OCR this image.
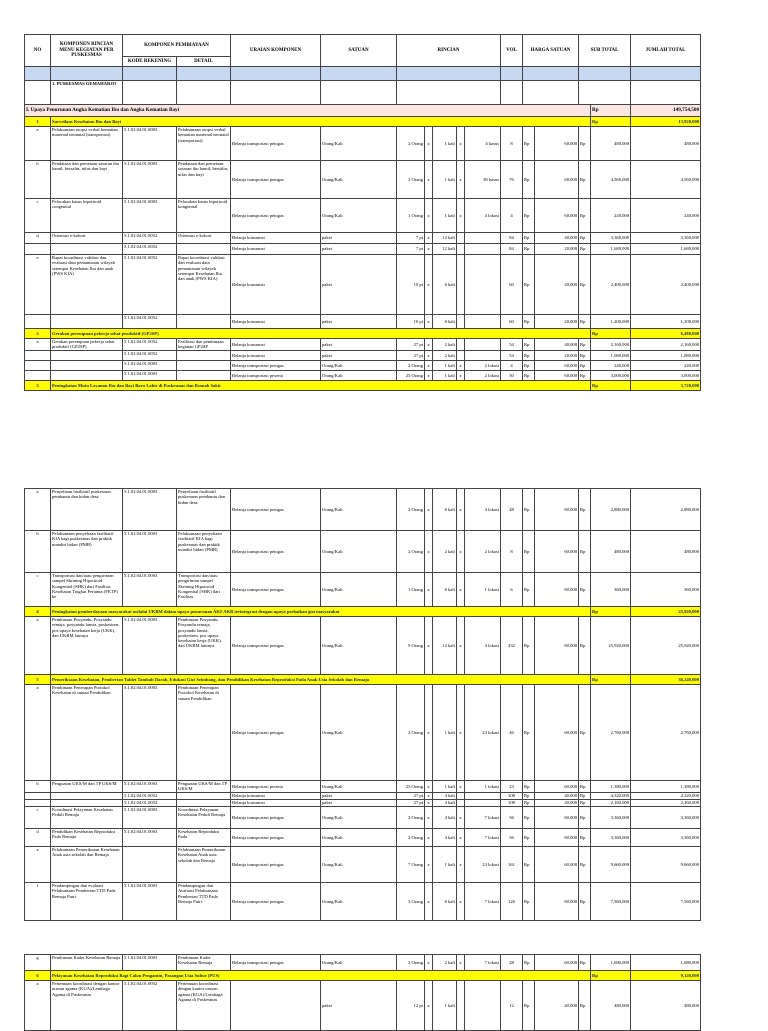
NO	KOMPONEN RINCIAN MENU KEGIATAN PER PUSKESMAS	KOMPONEN PEMBIAYAAN		URAIAN KOMPONEN	SATUAN	RINCIAN					VOL	HARGA SATUAN		SUB TOTAL		JUMLAH TOTAL
		KODE REKENING	DETAIL													

	1. PUSKESMAS GEMAHARJO															
I. Upaya Penurunan Angka Kematian Ibu dan Angka Kematian Bayi															Rp	149,754,500
1	Surveilans Kesehatan Ibu dan Bayi														Rp	13,920,000
a	Pelaksanaan otopsi verbal kematian maternal neonatal (transportasi)	5.1.02.04.01.0003	Pelaksanaan otopsi verbal kematian maternal neonatal (transportasi)	Belanja transportasi petugas	Orang/Kali	2 Orang	x	1 kali	x	4 kasus	8	Rp	60,000	Rp	480,000	480,000
b	Pendataan dan pemetaan sasaran ibu hamil, bersalin, nifas dan bayi	5.1.02.04.01.0003	Pendataan dan pemetaan sasaran ibu hamil, bersalin, nifas dan bayi	Belanja transportasi petugas	Orang/Kali	2 Orang	x	1 kali	x	38 kasus	76	Rp	60,000	Rp	4,560,000	4,560,000
c	Pelacakan kasus hipotiroid congenital	5.1.02.04.01.0003	Pelacakan kasus hipotiroid kongenital	Belanja transportasi petugas	Orang/Kali	1 Orang	x	1 kali	x	4 lokasi	4	Rp	60,000	Rp	240,000	240,000
d	Orientasi e-kohort	5.1.02.04.01.0052	Orientasi e-kohort	Belanja konsumsi	paket	7 pt	x	12 kali			84	Rp	40,000	Rp	3,360,000	3,360,000
		5.1.02.04.01.0052		Belanja konsumsi	paket	7 pt	x	12 kali			84	Rp	20,000	Rp	1,680,000	1,680,000
e	Rapat koordinasi validasi dan evaluasi data pemantauan wilayah setempat Kesehatan Ibu dan anak (PWS KIA)	5.1.02.04.01.0052	Rapat koordinasi validasi dan evaluasi data pemantauan wilayah setempat Kesehatan Ibu dan anak (PWS KIA)	Belanja konsumsi	paket	10 pt	x	6 kali			60	Rp	40,000	Rp	2,400,000	2,400,000
		5.1.02.04.01.0052		Belanja konsumsi	paket	10 pt	x	6 kali			60	Rp	20,000	Rp	1,200,000	1,200,000
2	Gerakan perempuan pekerja sehat produktif (GP2SP)														Rp	6,480,000
a	Gerakan perempuan pekerja sehat produktif (GP2SP)	5.1.02.04.01.0052	Fasilitasi dan pembinaan kegiatan GP2SP	Belanja konsumsi	paket	27 pt	x	2 kali			54	Rp	40,000	Rp	2,160,000	2,160,000
		5.1.02.04.01.0052		Belanja konsumsi	paket	27 pt	x	2 kali			54	Rp	20,000	Rp	1,080,000	1,080,000
		5.1.02.04.01.0003		Belanja transportasi petugas	Orang/Kali	2 Orang	x	1 kali	x	2 lokasi	4	Rp	60,000	Rp	240,000	240,000
		5.1.02.04.01.0003		Belanja transportasi peserta	Orang/Kali	25 Orang	x	1 kali	x	2 lokasi	50	Rp	60,000	Rp	3,000,000	3,000,000
3	Peningkatan Mutu Layanan Ibu dan Bayi Baru Lahir di Puskesmas dan Rumah Sakit														Rp	3,720,000
a	Penyeliaan fasilitatif puskesmas pembantu dan bidan desa	5.1.02.04.01.0003	Penyeliaan fasilitatif puskesmas pembantu dan bidan desa	Belanja transportasi petugas	Orang/Kali	2 Orang	x	6 kali	x	4 lokasi	48	Rp	60,000	Rp	2,880,000	2,880,000
b	Pelaksanaan penyeliaan fasilitatif KIA bagi puskesmas dan praktik mandiri bidan (PMB)	5.1.02.04.01.0003	Pelaksanaan penyeliaan fasilitatif KIA bagi puskesmas dan praktik mandiri bidan (PMB)	Belanja transportasi petugas	Orang/Kali	2 Orang	x	2 kali	x	2 lokasi	8	Rp	60,000	Rp	480,000	480,000
c	Transportasi dan/atau pengiriman sampel Skrining Hipotiroid Kongenital (SHK) dari Fasilitas Kesehatan Tingkat Pertama (FKTP) ke	5.1.02.04.01.0003	Transportasi dan/atau pengiriman sampel Skrining Hipotiroid Kongenital (SHK) dari Fasilitas	Belanja transportasi petugas	Orang/Kali	1 Orang	x	6 kali	x	1 lokasi	6	Rp	60,000	Rp	360,000	360,000
4	Peningkatan pemberdayaan masyarakat melalui UKBM dalam upaya penurunan AKI-AKB terintegrasi dengan upaya perbaikan gizi masyarakat														Rp	25,920,000
a	Pembinaan Posyandu, Posyandu remaja, posyandu lansia, poskestren, pos upaya kesehatan kerja (UKK), dan UKBM lainnya	5.1.02.04.01.0003	Pembinaan Posyandu, Posyandu remaja, posyandu lansia, poskestren, pos upaya kesehatan kerja (UKK), dan UKBM lainnya	Belanja transportasi petugas	Orang/Kali	9 Orang	x	12 kali	x	4 lokasi	432	Rp	60,000	Rp	25,920,000	25,920,000
5	Pemeriksaan Kesehatan, Pemberian Tablet Tambah Darah, Edukasi Gizi Seimbang, dan Pendidikan Kesehatan Reproduksi Pada Anak Usia Sekolah dan Remaja														Rp	36,240,000
a	Pembinaan Penerapan Protokol Kesehatan di satuan Pendidikan	5.1.02.04.01.0003	Pembinaan Penerapan Protokol Kesehatan di satuan Pendidikan	Belanja transportasi petugas	Orang/Kali	2 Orang	x	1 kali	x	23 lokasi	46	Rp	60,000	Rp	2,760,000	2,760,000
b	Penguatan UKS/M dan TP UKS/M	5.1.02.04.01.0003	Penguatan UKS/M dan TP UKS/M	Belanja transportasi peserta	Orang/Kali	23 Orang	x	1 kali	x	1 lokasi	23	Rp	60,000	Rp	1,380,000	1,380,000
		5.1.02.04.01.0052		Belanja konsumsi	paket	27 pt	x	4 kali			108	Rp	40,000	Rp	4,320,000	4,320,000
		5.1.02.04.01.0052		Belanja konsumsi	paket	27 pt	x	4 kali			108	Rp	20,000	Rp	2,160,000	2,160,000
c	Koordinasi Pelayanan Kesehatan Peduli Remaja	5.1.02.04.01.0003	Koordinasi Pelayanan Kesehatan Peduli Remaja	Belanja transportasi petugas	Orang/Kali	2 Orang	x	4 kali	x	7 lokasi	56	Rp	60,000	Rp	3,360,000	3,360,000
d	Pendidikan Kesehatan Reproduksi Pada Remaja	5.1.02.04.01.0003	Kesehatan Reproduksi Pada	Belanja transportasi petugas	Orang/Kali	2 Orang	x	4 kali	x	7 lokasi	56	Rp	60,000	Rp	3,360,000	3,360,000
x	Pelaksanaan Pemeriksaan Kesehatan Anak usia sekolah dan Remaja		Pelaksanaan Pemeriksaan Kesehatan Anak usia sekolah dan Remaja	Belanja transportasi petugas	Orang/Kali	7 Orang	x	1 kali	x	23 lokasi	161	Rp	60,000	Rp	9,660,000	9,660,000
f	Pendampingan dan evaluasi Pelaksanaan Pemberian TTD Pada Remaja Putri	5.1.02.04.01.0003	Pendampingan dan Avaluasi Pelaksanaan Pemberian TTD Pada Remaja Putri	Belanja transportasi petugas	Orang/Kali	3 Orang	x	6 kali	x	7 lokasi	126	Rp	60,000	Rp	7,560,000	7,560,000
g	Pembinaan Kader Kesehatan Remaja	5.1.02.04.01.0003	Pembinaan Kader Kesehatan Remaja	Belanja transportasi petugas	Orang/Kali	2 Orang	x	2 kali	x	7 lokasi	28	Rp	60,000	Rp	1,680,000	1,680,000
6	Pelayanan Kesehatan Reproduksi Bagi Calon Pengantin, Pasangan Usia Subur (PUS)														Rp	9,120,000
a	Pertemuan koordinasi dengan kantor urusan agama (KUA)/Lembaga Agama di Puskesmas	5.1.02.04.01.0052	Pertemuan koordinasi dengan kantor urusan agama (KUA)/Lembaga Agama di Puskesmas		paket	12 pt	x	1 kali			12	Rp	40,000	Rp	480,000	480,000
